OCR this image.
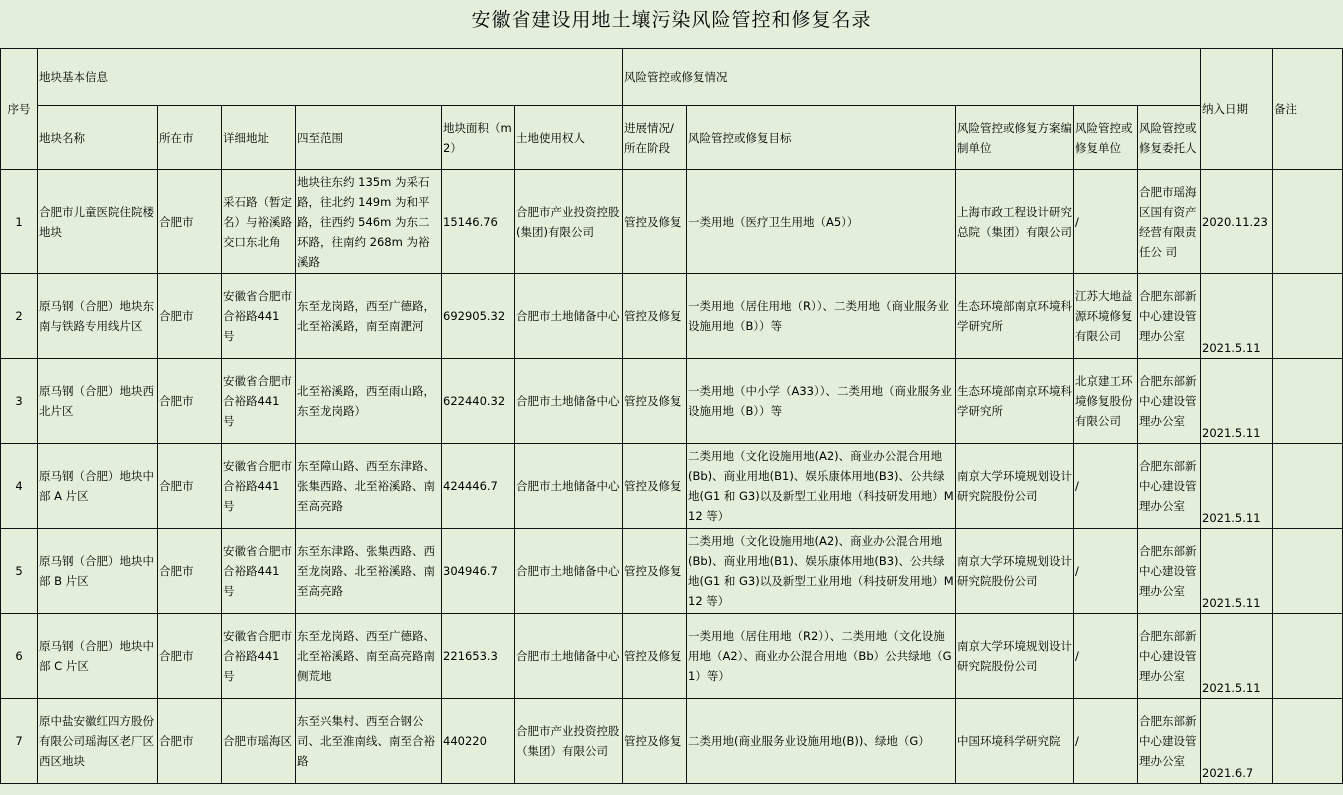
安徽省建设用地土壤污染风险管控和修复名录
序号	地块基本信息						风险管控或修复情况					纳入日期	备注
	地块名称	所在市	详细地址	四至范围	地块面积（m2）	土地使用权人	进展情况/所在阶段	风险管控或修复目标	风险管控或修复方案编制单位	风险管控或修复单位	风险管控或修复委托人		
1	合肥市儿童医院住院楼地块	合肥市	采石路（暂定名）与裕溪路交口东北角	地块往东约 135m 为采石路，往北约 149m 为和平路，往西约 546m 为东二环路，往南约 268m 为裕溪路	15146.76	合肥市产业投资控股(集团)有限公司	管控及修复	一类用地（医疗卫生用地（A5））	上海市政工程设计研究总院（集团）有限公司	/	合肥市瑶海区国有资产经营有限责任公 司	2020.11.23	
2	原马钢（合肥）地块东南与铁路专用线片区	合肥市	安徽省合肥市合裕路441 号	东至龙岗路，西至广德路，北至裕溪路，南至南淝河	692905.32	合肥市土地储备中心	管控及修复	一类用地（居住用地（R））、二类用地（商业服务业设施用地（B））等	生态环境部南京环境科学研究所	江苏大地益源环境修复有限公司	合肥东部新中心建设管理办公室	2021.5.11	
3	原马钢（合肥）地块西北片区	合肥市	安徽省合肥市合裕路441 号	北至裕溪路，西至雨山路，东至龙岗路）	622440.32	合肥市土地储备中心	管控及修复	一类用地（中小学（A33））、二类用地（商业服务业设施用地（B））等	生态环境部南京环境科学研究所	北京建工环境修复股份有限公司	合肥东部新中心建设管理办公室	2021.5.11	
4	原马钢（合肥）地块中部 A 片区	合肥市	安徽省合肥市合裕路441 号	东至障山路、西至东津路、张集西路、北至裕溪路、南至高亮路	424446.7	合肥市土地储备中心	管控及修复	二类用地（文化设施用地(A2)、商业办公混合用地(Bb)、商业用地(B1)、娱乐康体用地(B3)、公共绿地(G1 和 G3)以及新型工业用地（科技研发用地）M12 等）	南京大学环境规划设计研究院股份公司	/	合肥东部新中心建设管理办公室	2021.5.11	
5	原马钢（合肥）地块中部 B 片区	合肥市	安徽省合肥市合裕路441 号	东至东津路、张集西路、西至龙岗路、北至裕溪路、南至高亮路	304946.7	合肥市土地储备中心	管控及修复	二类用地（文化设施用地(A2)、商业办公混合用地(Bb)、商业用地(B1)、娱乐康体用地(B3)、公共绿地(G1 和 G3)以及新型工业用地（科技研发用地）M12 等）	南京大学环境规划设计研究院股份公司	/	合肥东部新中心建设管理办公室	2021.5.11	
6	原马钢（合肥）地块中部 C 片区	合肥市	安徽省合肥市合裕路441 号	东至龙岗路、西至广德路、北至裕溪路、南至高亮路南侧荒地	221653.3	合肥市土地储备中心	管控及修复	一类用地（居住用地（R2））、二类用地（文化设施用地（A2）、商业办公混合用地（Bb）公共绿地（G1）等）	南京大学环境规划设计研究院股份公司	/	合肥东部新中心建设管理办公室	2021.5.11	
7	原中盐安徽红四方股份有限公司瑶海区老厂区西区地块	合肥市	合肥市瑶海区	东至兴集村、西至合钢公司、北至淮南线、南至合裕路	440220	合肥市产业投资控股（集团）有限公司	管控及修复	二类用地(商业服务业设施用地(B))、绿地（G）	中国环境科学研究院	/	合肥东部新中心建设管理办公室	2021.6.7	
